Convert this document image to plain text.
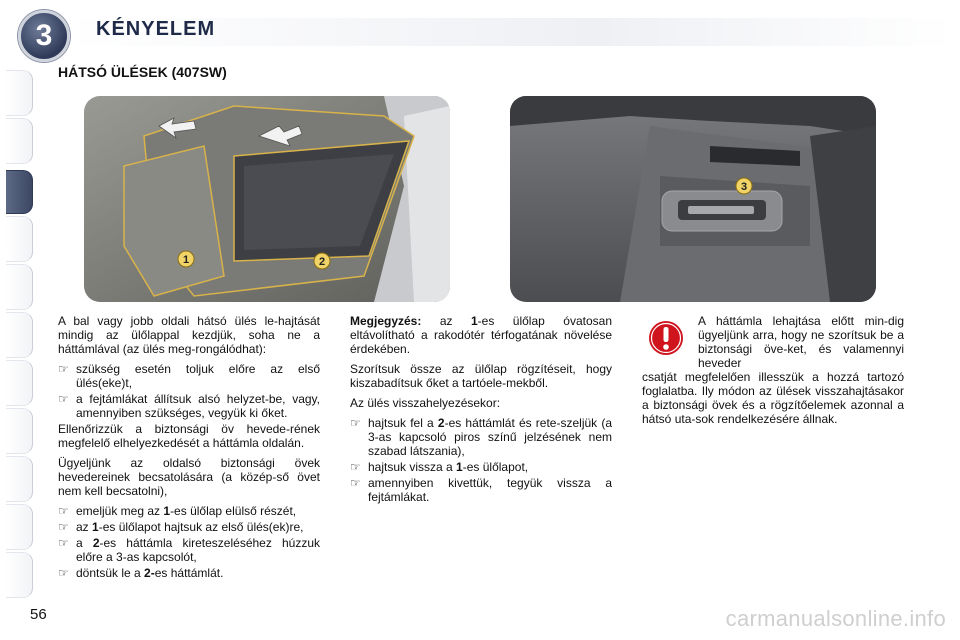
3 KÉNYELEM
HÁTSÓ ÜLÉSEK (407SW)
1	2
3

A bal vagy jobb oldali hátsó ülés le-hajtását mindig az ülőlappal kezdjük, soha ne a háttámlával (az ülés meg-rongálódhat):

☞ szükség esetén toljuk előre az első ülés(eke)t,
☞ a fejtámlákat állítsuk alsó helyzet-be, vagy, amennyiben szükséges, vegyük ki őket.

Ellenőrizzük a biztonsági öv hevede-rének megfelelő elhelyezkedését a háttámla oldalán.

Ügyeljünk az oldalsó biztonsági övek hevedereinek becsatolására (a közép-ső övet nem kell becsatolni),

☞ emeljük meg az 1-es ülőlap elülső részét,
☞ az 1-es ülőlapot hajtsuk az első ülés(ek)re,
☞ a 2-es háttámla kireteszeléséhez húzzuk előre a 3-as kapcsolót,
☞ döntsük le a 2-es háttámlát.

Megjegyzés: az 1-es ülőlap óvatosan eltávolítható a rakodótér térfogatának növelése érdekében.

Szorítsuk össze az ülőlap rögzítéseit, hogy kiszabadítsuk őket a tartóele-mekből.

Az ülés visszahelyezésekor:

☞ hajtsuk fel a 2-es háttámlát és rete-szeljük (a 3-as kapcsoló piros színű jelzésének nem szabad látszania),
☞ hajtsuk vissza a 1-es ülőlapot,
☞ amennyiben kivettük, tegyük vissza a fejtámlákat.

A háttámla lehajtása előtt min-dig ügyeljünk arra, hogy ne szorítsuk be a biztonsági öve-ket, és valamennyi heveder

csatját megfelelően illesszük a hozzá tartozó foglalatba. Ily módon az ülések visszahajtásakor a biztonsági övek és a rögzítőelemek azonnal a hátsó uta-sok rendelkezésére állnak.

56	carmanualsonline.info
